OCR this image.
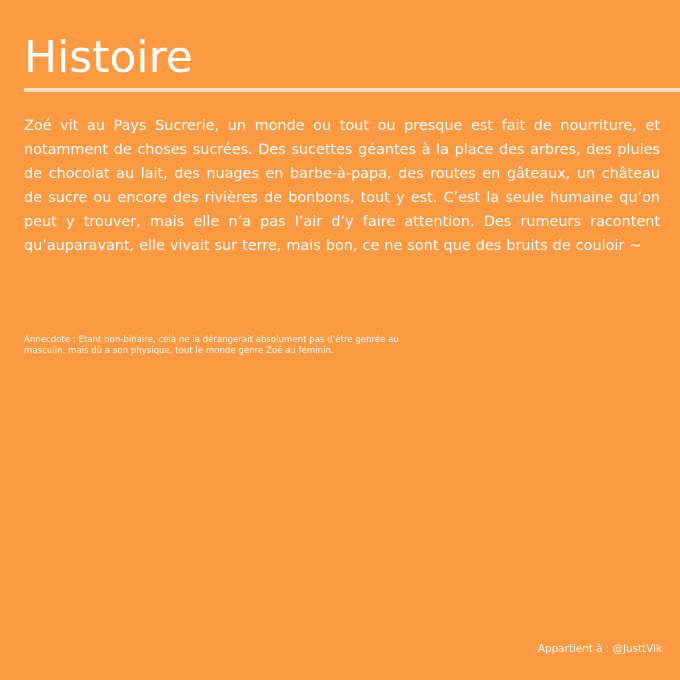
Histoire

Zoé vit au Pays Sucrerie, un monde ou tout ou presque est fait de nourriture, et notamment de choses sucrées. Des sucettes géantes à la place des arbres, des pluies de chocolat au lait, des nuages en barbe-à-papa, des routes en gâteaux, un château de sucre ou encore des rivières de bonbons, tout y est. C’est la seule humaine qu’on peut y trouver, mais elle n’a pas l’air d’y faire attention. Des rumeurs racontent qu’auparavant, elle vivait sur terre, mais bon, ce ne sont que des bruits de couloir ~

Annecdote : Etant non-binaire, celà ne la dérangerait absolument pas d’être genrée au masculin, mais dû a son physique, tout le monde genre Zoé au féminin.

Appartient à : @JusttVik
